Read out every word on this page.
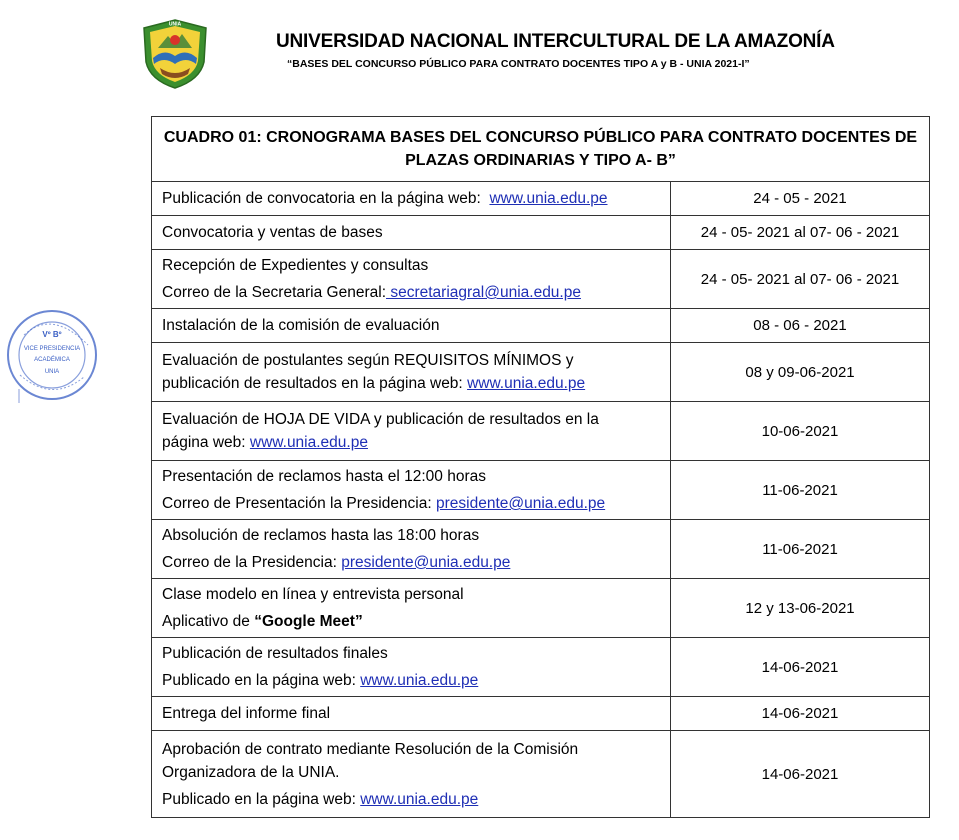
UNIA
UNIVERSIDAD NACIONAL INTERCULTURAL DE LA AMAZONÍA
“BASES DEL CONCURSO PÚBLICO PARA CONTRATO DOCENTES TIPO A y B - UNIA 2021-I”
Vº Bº
VICE PRESIDENCIA
ACADÉMICA
UNIA
CUADRO 01: CRONOGRAMA BASES DEL CONCURSO PÚBLICO PARA CONTRATO DOCENTES DE PLAZAS ORDINARIAS Y TIPO A- B”	
Publicación de convocatoria en la página web: www.unia.edu.pe	24 - 05 - 2021
Convocatoria y ventas de bases	24 - 05- 2021 al 07- 06 - 2021

Recepción de Expedientes y consultas
Correo de la Secretaria General: secretariagral@unia.edu.pe	24 - 05- 2021 al 07- 06 - 2021
Instalación de la comisión de evaluación	08 - 06 - 2021

Evaluación de postulantes según REQUISITOS MÍNIMOS y
publicación de resultados en la página web: www.unia.edu.pe	08 y 09-06-2021

Evaluación de HOJA DE VIDA y publicación de resultados en la
página web: www.unia.edu.pe	10-06-2021

Presentación de reclamos hasta el 12:00 horas
Correo de Presentación la Presidencia: presidente@unia.edu.pe	11-06-2021

Absolución de reclamos hasta las 18:00 horas
Correo de la Presidencia: presidente@unia.edu.pe	11-06-2021

Clase modelo en línea y entrevista personal
Aplicativo de “Google Meet”	12 y 13-06-2021

Publicación de resultados finales
Publicado en la página web: www.unia.edu.pe	14-06-2021
Entrega del informe final	14-06-2021

Aprobación de contrato mediante Resolución de la Comisión
Organizadora de la UNIA.
Publicado en la página web: www.unia.edu.pe	14-06-2021
